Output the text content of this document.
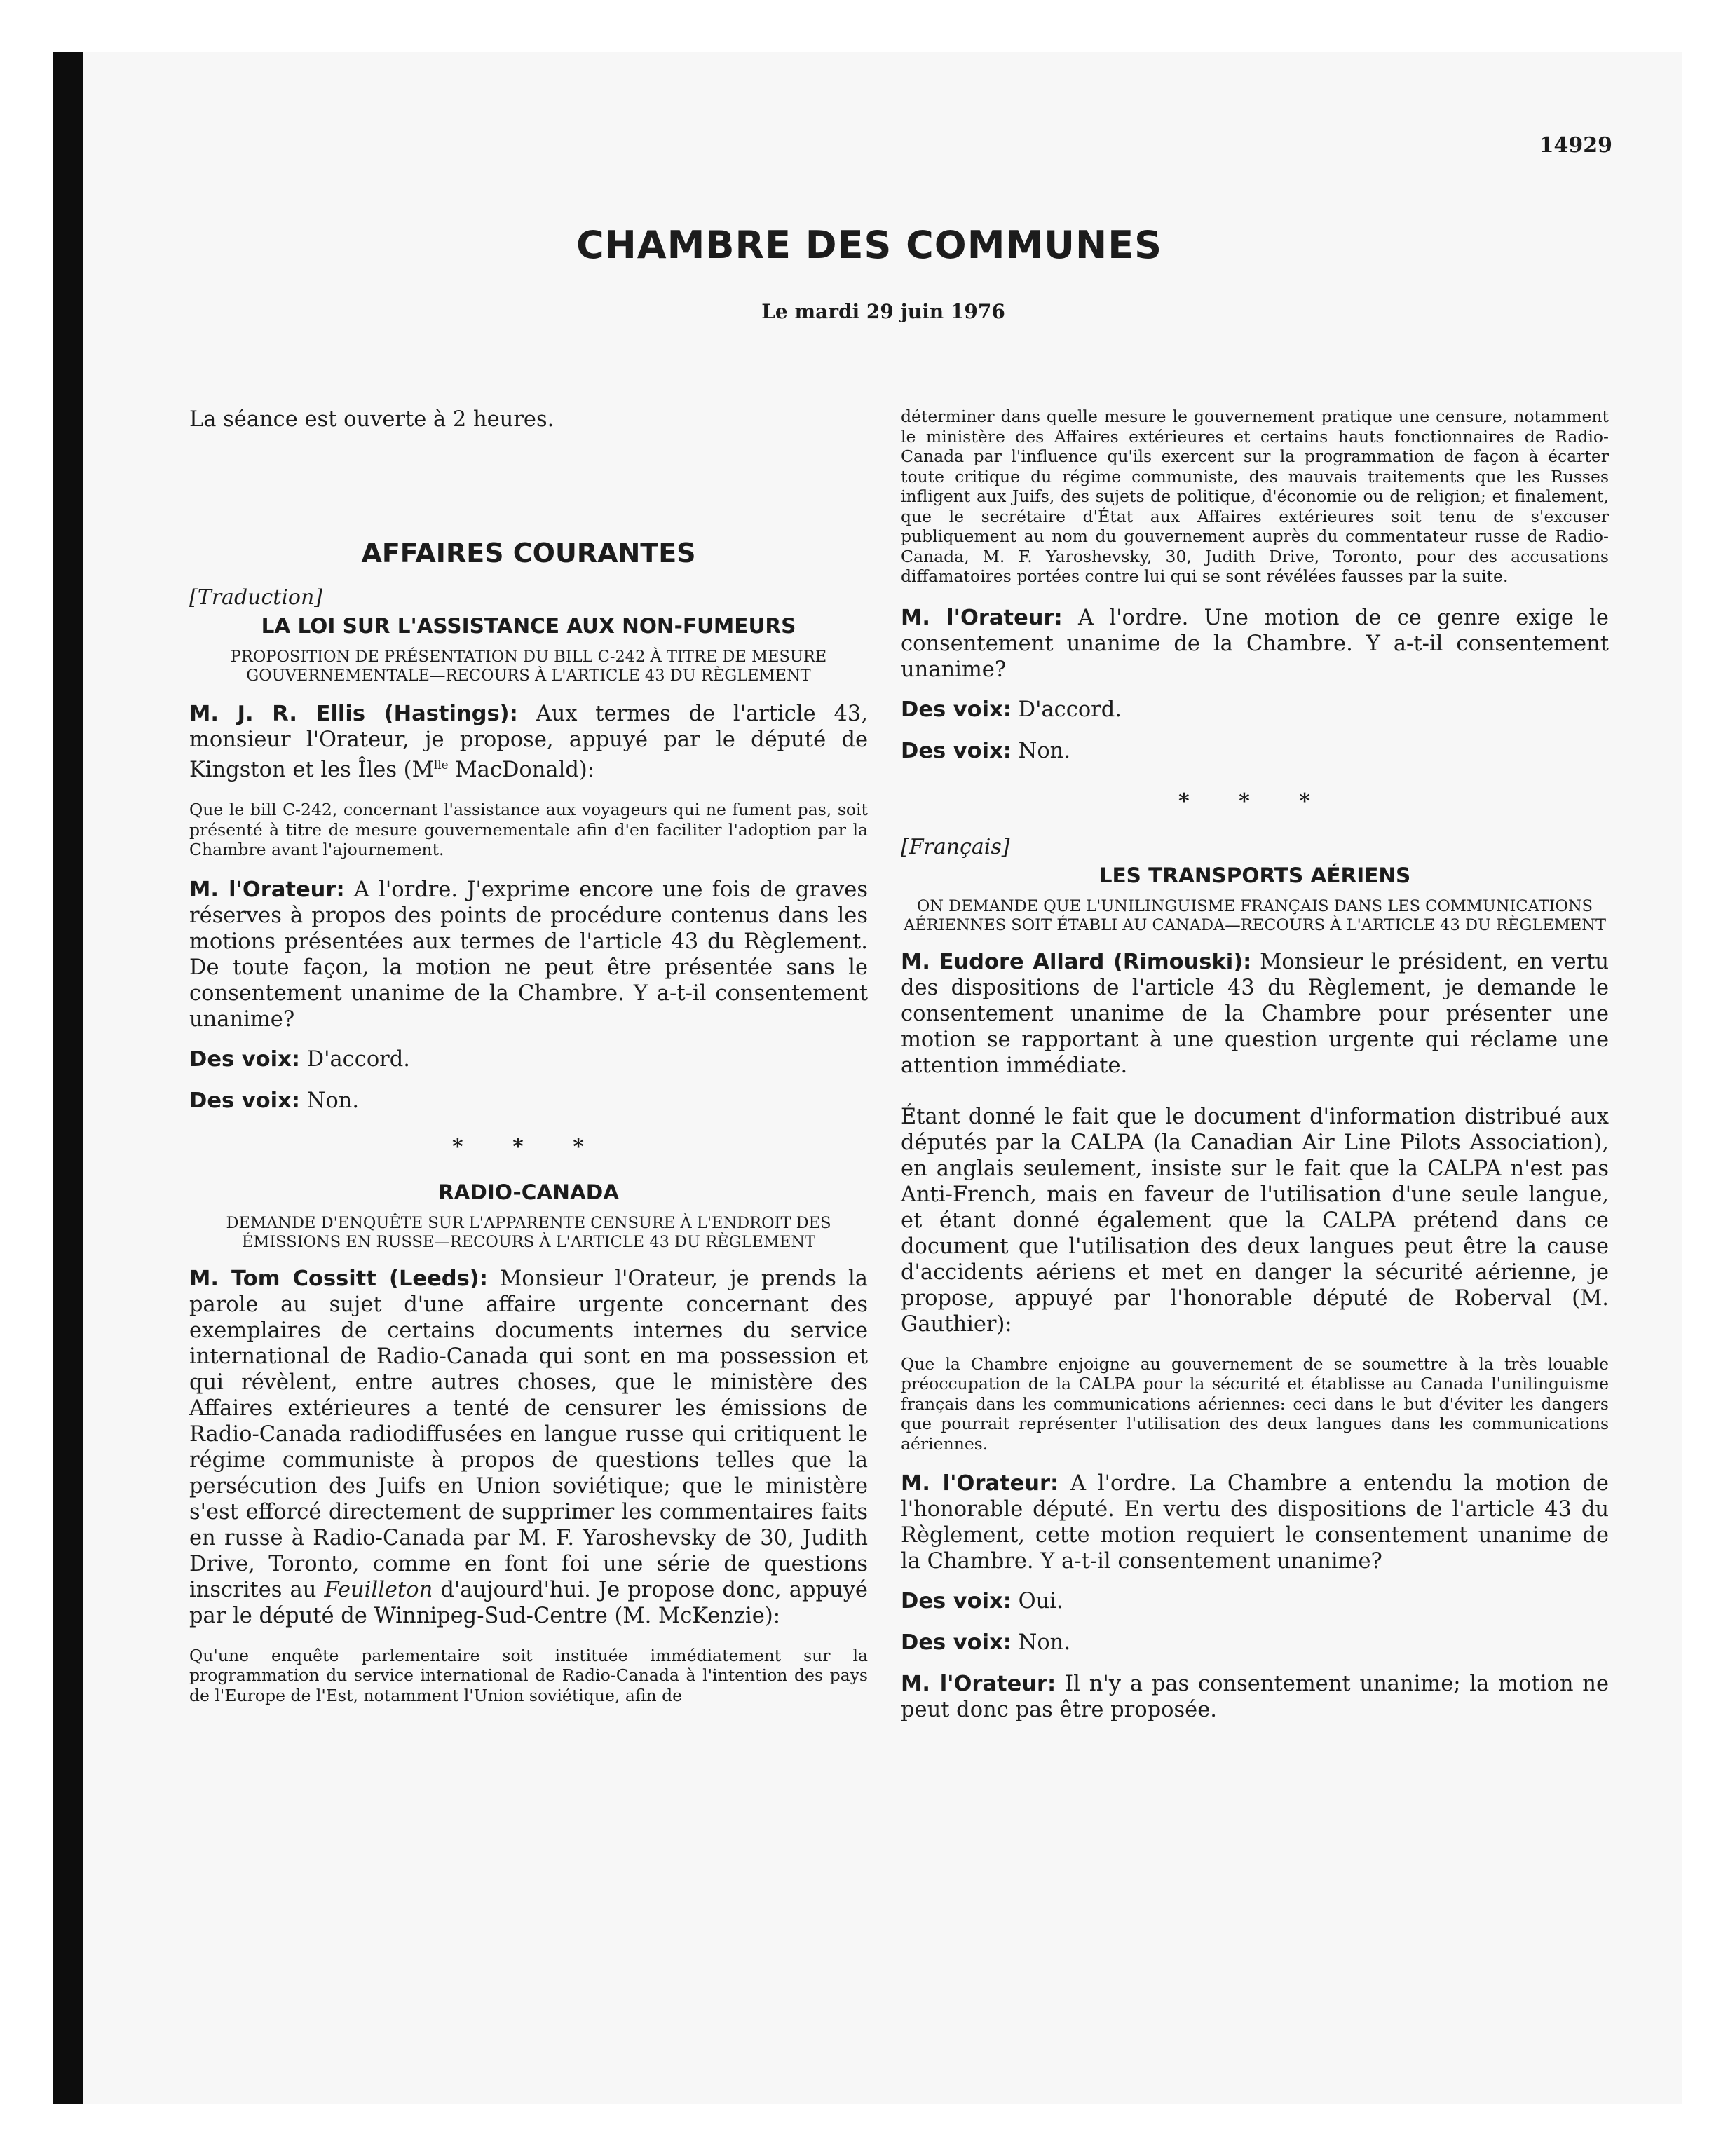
14929
CHAMBRE DES COMMUNES
Le mardi 29 juin 1976

La séance est ouverte à 2 heures.

AFFAIRES COURANTES
[Traduction]
LA LOI SUR L'ASSISTANCE AUX NON-FUMEURS
PROPOSITION DE PRÉSENTATION DU BILL C-242 À TITRE DE MESURE GOUVERNEMENTALE—RECOURS À L'ARTICLE 43 DU RÈGLEMENT

M. J. R. Ellis (Hastings): Aux termes de l'article 43, monsieur l'Orateur, je propose, appuyé par le député de Kingston et les Îles ($M^{lle}$ MacDonald):

Que le bill C-242, concernant l'assistance aux voyageurs qui ne fument pas, soit présenté à titre de mesure gouvernementale afin d'en faciliter l'adoption par la Chambre avant l'ajournement.

M. l'Orateur: A l'ordre. J'exprime encore une fois de graves réserves à propos des points de procédure contenus dans les motions présentées aux termes de l'article 43 du Règlement. De toute façon, la motion ne peut être présentée sans le consentement unanime de la Chambre. Y a-t-il consentement unanime?

Des voix: D'accord.

Des voix: Non.

* * *
RADIO-CANADA
DEMANDE D'ENQUÊTE SUR L'APPARENTE CENSURE À L'ENDROIT DES ÉMISSIONS EN RUSSE—RECOURS À L'ARTICLE 43 DU RÈGLEMENT

M. Tom Cossitt (Leeds): Monsieur l'Orateur, je prends la parole au sujet d'une affaire urgente concernant des exemplaires de certains documents internes du service international de Radio-Canada qui sont en ma possession et qui révèlent, entre autres choses, que le ministère des Affaires extérieures a tenté de censurer les émissions de Radio-Canada radiodiffusées en langue russe qui critiquent le régime communiste à propos de questions telles que la persécution des Juifs en Union soviétique; que le ministère s'est efforcé directement de supprimer les commentaires faits en russe à Radio-Canada par M. F. Yaroshevsky de 30, Judith Drive, Toronto, comme en font foi une série de questions inscrites au Feuilleton d'aujourd'hui. Je propose donc, appuyé par le député de Winnipeg-Sud-Centre (M. McKenzie):

Qu'une enquête parlementaire soit instituée immédiatement sur la programmation du service international de Radio-Canada à l'intention des pays de l'Europe de l'Est, notamment l'Union soviétique, afin de

déterminer dans quelle mesure le gouvernement pratique une censure, notamment le ministère des Affaires extérieures et certains hauts fonctionnaires de Radio-Canada par l'influence qu'ils exercent sur la programmation de façon à écarter toute critique du régime communiste, des mauvais traitements que les Russes infligent aux Juifs, des sujets de politique, d'économie ou de religion; et finalement, que le secrétaire d'État aux Affaires extérieures soit tenu de s'excuser publiquement au nom du gouvernement auprès du commentateur russe de Radio-Canada, M. F. Yaroshevsky, 30, Judith Drive, Toronto, pour des accusations diffamatoires portées contre lui qui se sont révélées fausses par la suite.

M. l'Orateur: A l'ordre. Une motion de ce genre exige le consentement unanime de la Chambre. Y a-t-il consentement unanime?

Des voix: D'accord.

Des voix: Non.

* * *
[Français]
LES TRANSPORTS AÉRIENS
ON DEMANDE QUE L'UNILINGUISME FRANÇAIS DANS LES COMMUNICATIONS AÉRIENNES SOIT ÉTABLI AU CANADA—RECOURS À L'ARTICLE 43 DU RÈGLEMENT

M. Eudore Allard (Rimouski): Monsieur le président, en vertu des dispositions de l'article 43 du Règlement, je demande le consentement unanime de la Chambre pour présenter une motion se rapportant à une question urgente qui réclame une attention immédiate.

Étant donné le fait que le document d'information distribué aux députés par la CALPA (la Canadian Air Line Pilots Association), en anglais seulement, insiste sur le fait que la CALPA n'est pas Anti-French, mais en faveur de l'utilisation d'une seule langue, et étant donné également que la CALPA prétend dans ce document que l'utilisation des deux langues peut être la cause d'accidents aériens et met en danger la sécurité aérienne, je propose, appuyé par l'honorable député de Roberval (M. Gauthier):

Que la Chambre enjoigne au gouvernement de se soumettre à la très louable préoccupation de la CALPA pour la sécurité et établisse au Canada l'unilinguisme français dans les communications aériennes: ceci dans le but d'éviter les dangers que pourrait représenter l'utilisation des deux langues dans les communications aériennes.

M. l'Orateur: A l'ordre. La Chambre a entendu la motion de l'honorable député. En vertu des dispositions de l'article 43 du Règlement, cette motion requiert le consentement unanime de la Chambre. Y a-t-il consentement unanime?

Des voix: Oui.

Des voix: Non.

M. l'Orateur: Il n'y a pas consentement unanime; la motion ne peut donc pas être proposée.
